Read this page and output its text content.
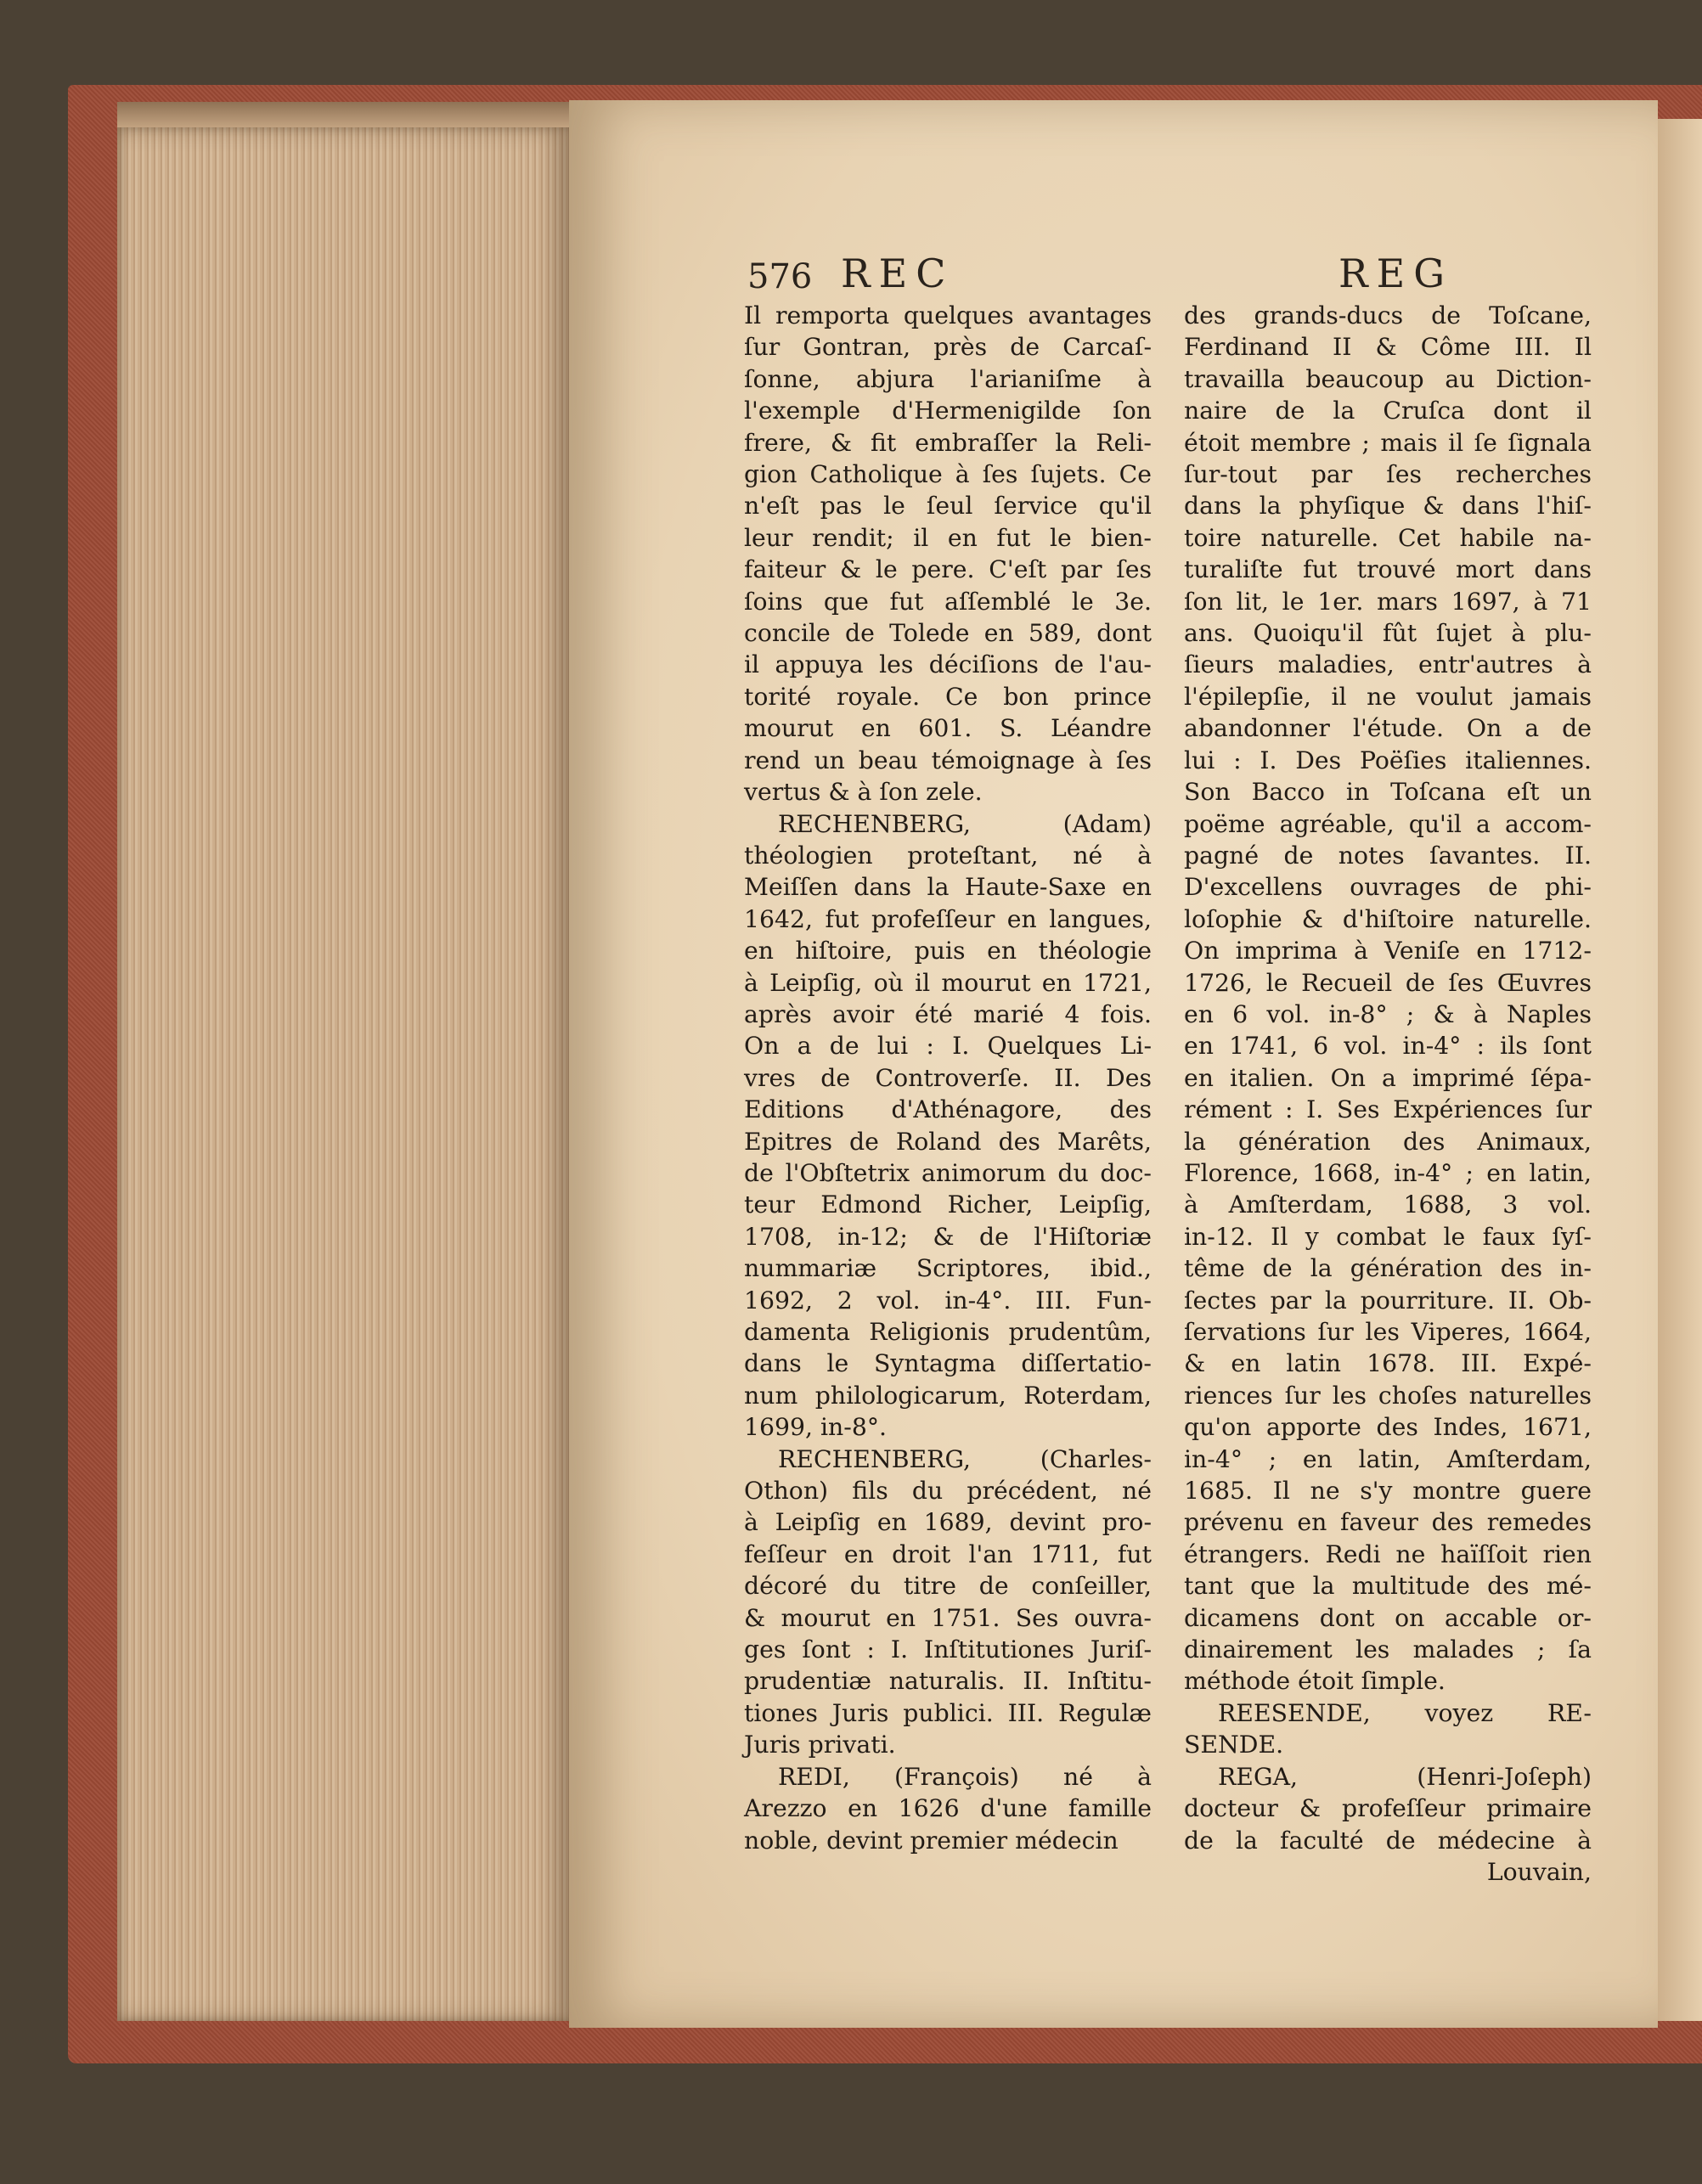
576 REC	REG
Il remporta quelques avantages
ſur Gontran, près de Carcaſ-
ſonne, abjura l'arianiſme à
l'exemple d'Hermenigilde ſon
frere, & fit embraſſer la Reli-
gion Catholique à ſes ſujets. Ce
n'eſt pas le ſeul ſervice qu'il
leur rendit; il en fut le bien-
faiteur & le pere. C'eſt par ſes
ſoins que fut aſſemblé le 3e.
concile de Tolede en 589, dont
il appuya les déciſions de l'au-
torité royale. Ce bon prince
mourut en 601. S. Léandre
rend un beau témoignage à ſes
vertus & à ſon zele.
RECHENBERG, (Adam)
théologien proteſtant, né à
Meiſſen dans la Haute-Saxe en
1642, fut profeſſeur en langues,
en hiſtoire, puis en théologie
à Leipſig, où il mourut en 1721,
après avoir été marié 4 fois.
On a de lui : I. Quelques Li-
vres de Controverſe. II. Des
Editions d'Athénagore, des
Epitres de Roland des Marêts,
de l'Obſtetrix animorum du doc-
teur Edmond Richer, Leipſig,
1708, in-12; & de l'Hiſtoriæ
nummariæ Scriptores, ibid.,
1692, 2 vol. in-4°. III. Fun-
damenta Religionis prudentûm,
dans le Syntagma diſſertatio-
num philologicarum, Roterdam,
1699, in-8°.
RECHENBERG, (Charles-
Othon) fils du précédent, né
à Leipſig en 1689, devint pro-
feſſeur en droit l'an 1711, fut
décoré du titre de conſeiller,
& mourut en 1751. Ses ouvra-
ges ſont : I. Inſtitutiones Juriſ-
prudentiæ naturalis. II. Inſtitu-
tiones Juris publici. III. Regulæ
Juris privati.
REDI, (François) né à
Arezzo en 1626 d'une famille
noble, devint premier médecin
des grands-ducs de Toſcane,
Ferdinand II & Côme III. Il
travailla beaucoup au Diction-
naire de la Cruſca dont il
étoit membre ; mais il ſe ſignala
ſur-tout par ſes recherches
dans la phyſique & dans l'hiſ-
toire naturelle. Cet habile na-
turaliſte fut trouvé mort dans
ſon lit, le 1er. mars 1697, à 71
ans. Quoiqu'il fût ſujet à plu-
ſieurs maladies, entr'autres à
l'épilepſie, il ne voulut jamais
abandonner l'étude. On a de
lui : I. Des Poëſies italiennes.
Son Bacco in Toſcana eſt un
poëme agréable, qu'il a accom-
pagné de notes ſavantes. II.
D'excellens ouvrages de phi-
loſophie & d'hiſtoire naturelle.
On imprima à Veniſe en 1712-
1726, le Recueil de ſes Œuvres
en 6 vol. in-8° ; & à Naples
en 1741, 6 vol. in-4° : ils ſont
en italien. On a imprimé ſépa-
rément : I. Ses Expériences ſur
la génération des Animaux,
Florence, 1668, in-4° ; en latin,
à Amſterdam, 1688, 3 vol.
in-12. Il y combat le faux ſyſ-
tême de la génération des in-
ſectes par la pourriture. II. Ob-
ſervations ſur les Viperes, 1664,
& en latin 1678. III. Expé-
riences ſur les choſes naturelles
qu'on apporte des Indes, 1671,
in-4° ; en latin, Amſterdam,
1685. Il ne s'y montre guere
prévenu en faveur des remedes
étrangers. Redi ne haïſſoit rien
tant que la multitude des mé-
dicamens dont on accable or-
dinairement les malades ; ſa
méthode étoit ſimple.
REESENDE, voyez RE-
SENDE.
REGA, (Henri-Joſeph)
docteur & profeſſeur primaire
de la faculté de médecine à
Louvain,
